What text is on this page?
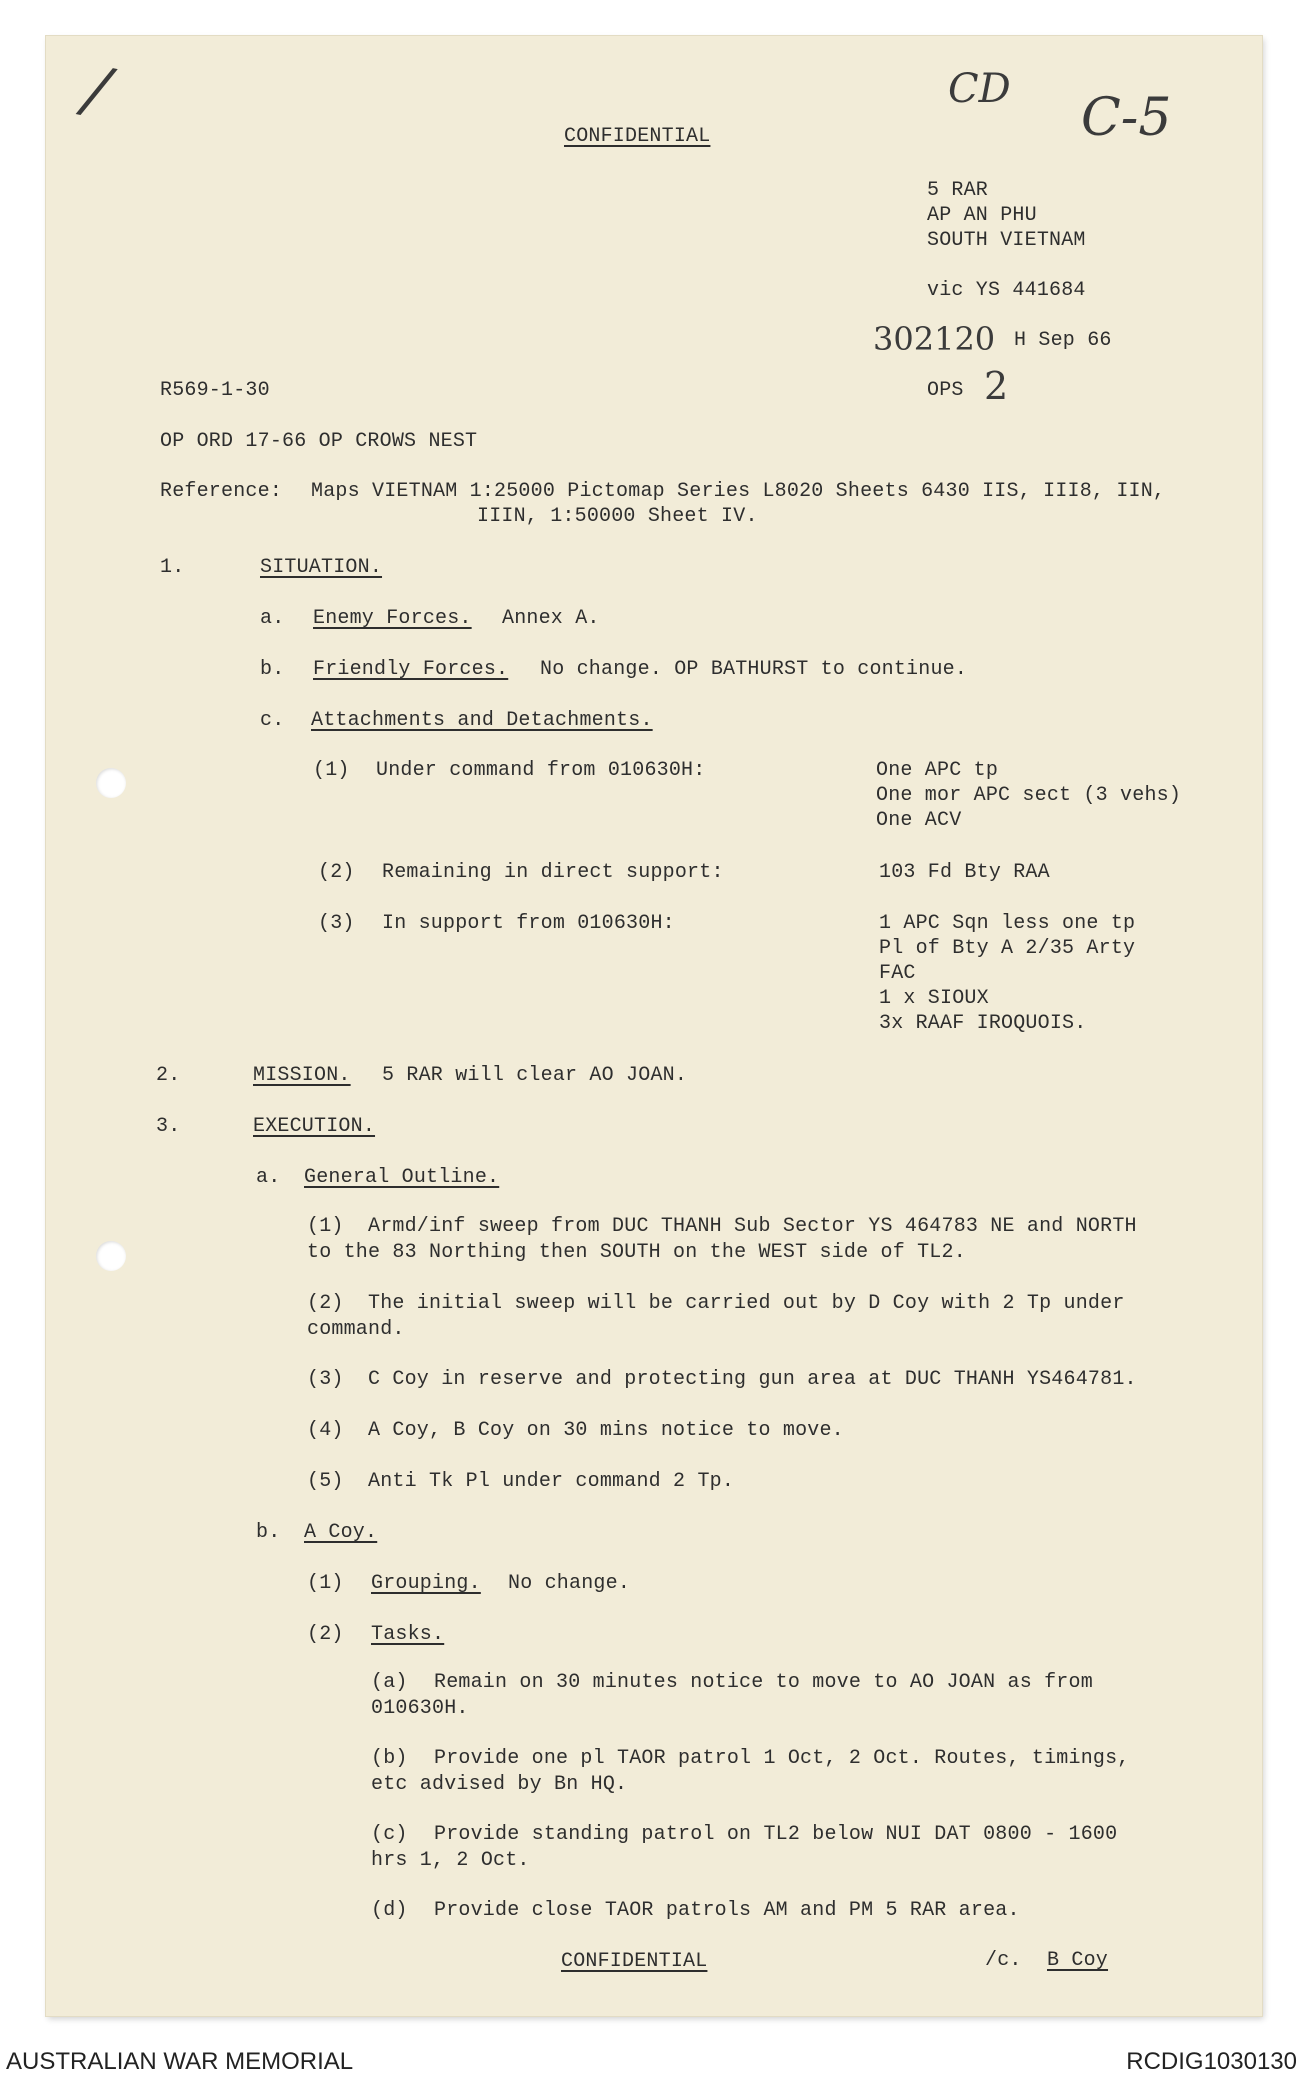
/	CD C-5
CONFIDENTIAL
5 RAR
AP AN PHU
SOUTH VIETNAM
vic YS 441684
302120 H Sep 66
OPS 2
R569-1-30
OP ORD 17-66 OP CROWS NEST
Reference: Maps VIETNAM 1:25000 Pictomap Series L8020 Sheets 6430 IIS, III8, IIN,
IIIN, 1:50000 Sheet IV.
1.	SITUATION.
a. Enemy Forces. Annex A.
b. Friendly Forces. No change. OP BATHURST to continue.
c. Attachments and Detachments.
(1) Under command from 010630H:	One APC tp
One mor APC sect (3 vehs)
One ACV
(2) Remaining in direct support:	103 Fd Bty RAA
(3) In support from 010630H:	1 APC Sqn less one tp
Pl of Bty A 2/35 Arty
FAC
1 x SIOUX
3x RAAF IROQUOIS.
2.	MISSION. 5 RAR will clear AO JOAN.
3.	EXECUTION.
a. General Outline.
(1) Armd/inf sweep from DUC THANH Sub Sector YS 464783 NE and NORTH
to the 83 Northing then SOUTH on the WEST side of TL2.
(2) The initial sweep will be carried out by D Coy with 2 Tp under
command.
(3) C Coy in reserve and protecting gun area at DUC THANH YS464781.
(4) A Coy, B Coy on 30 mins notice to move.
(5) Anti Tk Pl under command 2 Tp.
b. A Coy.
(1) Grouping. No change.
(2) Tasks.
(a) Remain on 30 minutes notice to move to AO JOAN as from
010630H.
(b) Provide one pl TAOR patrol 1 Oct, 2 Oct. Routes, timings,
etc advised by Bn HQ.
(c) Provide standing patrol on TL2 below NUI DAT 0800 - 1600
hrs 1, 2 Oct.
(d) Provide close TAOR patrols AM and PM 5 RAR area.
CONFIDENTIAL	/c. B Coy
AUSTRALIAN WAR MEMORIAL	RCDIG1030130
